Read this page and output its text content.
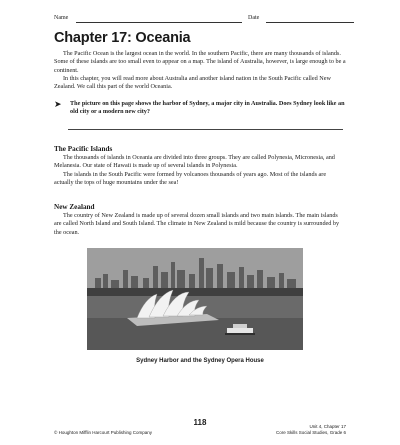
Name	Date
Chapter 17: Oceania

The Pacific Ocean is the largest ocean in the world. In the southern Pacific, there are many thousands of islands. Some of these islands are too small even to appear on a map. The island of Australia, however, is large enough to be a continent.

In this chapter, you will read more about Australia and another island nation in the South Pacific called New Zealand. We call this part of the world Oceania.

➤ The picture on this page shows the harbor of Sydney, a major city in Australia. Does Sydney look like an old city or a modern new city?
The Pacific Islands

The thousands of islands in Oceania are divided into three groups. They are called Polynesia, Micronesia, and Melanesia. Our state of Hawaii is made up of several islands in Polynesia.

The islands in the South Pacific were formed by volcanoes thousands of years ago. Most of the islands are actually the tops of huge mountains under the sea!

New Zealand

The country of New Zealand is made up of several dozen small islands and two main islands. The main islands are called North Island and South Island. The climate in New Zealand is mild because the country is surrounded by the ocean.

Sydney Harbor and the Sydney Opera House
118
© Houghton Mifflin Harcourt Publishing Company
Unit 4, Chapter 17
Core Skills Social Studies, Grade 6
